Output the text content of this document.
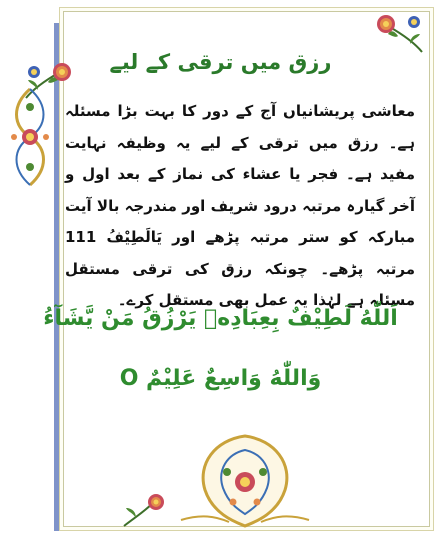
رزق میں ترقی کے لیے

معاشی پریشانیاں آج کے دور کا بہت بڑا مسئلہ ہے۔ رزق میں ترقی کے لیے یہ وظیفہ نہایت مفید ہے۔ فجر یا عشاء کی نماز کے بعد اول و آخر گیارہ مرتبہ درود شریف اور مندرجہ بالا آیت مبارکہ کو ستر مرتبہ پڑھے اور یَالَطِیْفُ 111 مرتبہ پڑھے۔ چونکہ رزق کی ترقی مستقل مسئلہ ہے لہٰذا یہ عمل بھی مستقل کرے۔

اَللّٰهُ لَطِیْفٌ بِعِبَادِهٖ یَرْزُقُ مَنْ یَّشَآءُ

وَاللّٰهُ وَاسِعٌ عَلِیْمٌ O
